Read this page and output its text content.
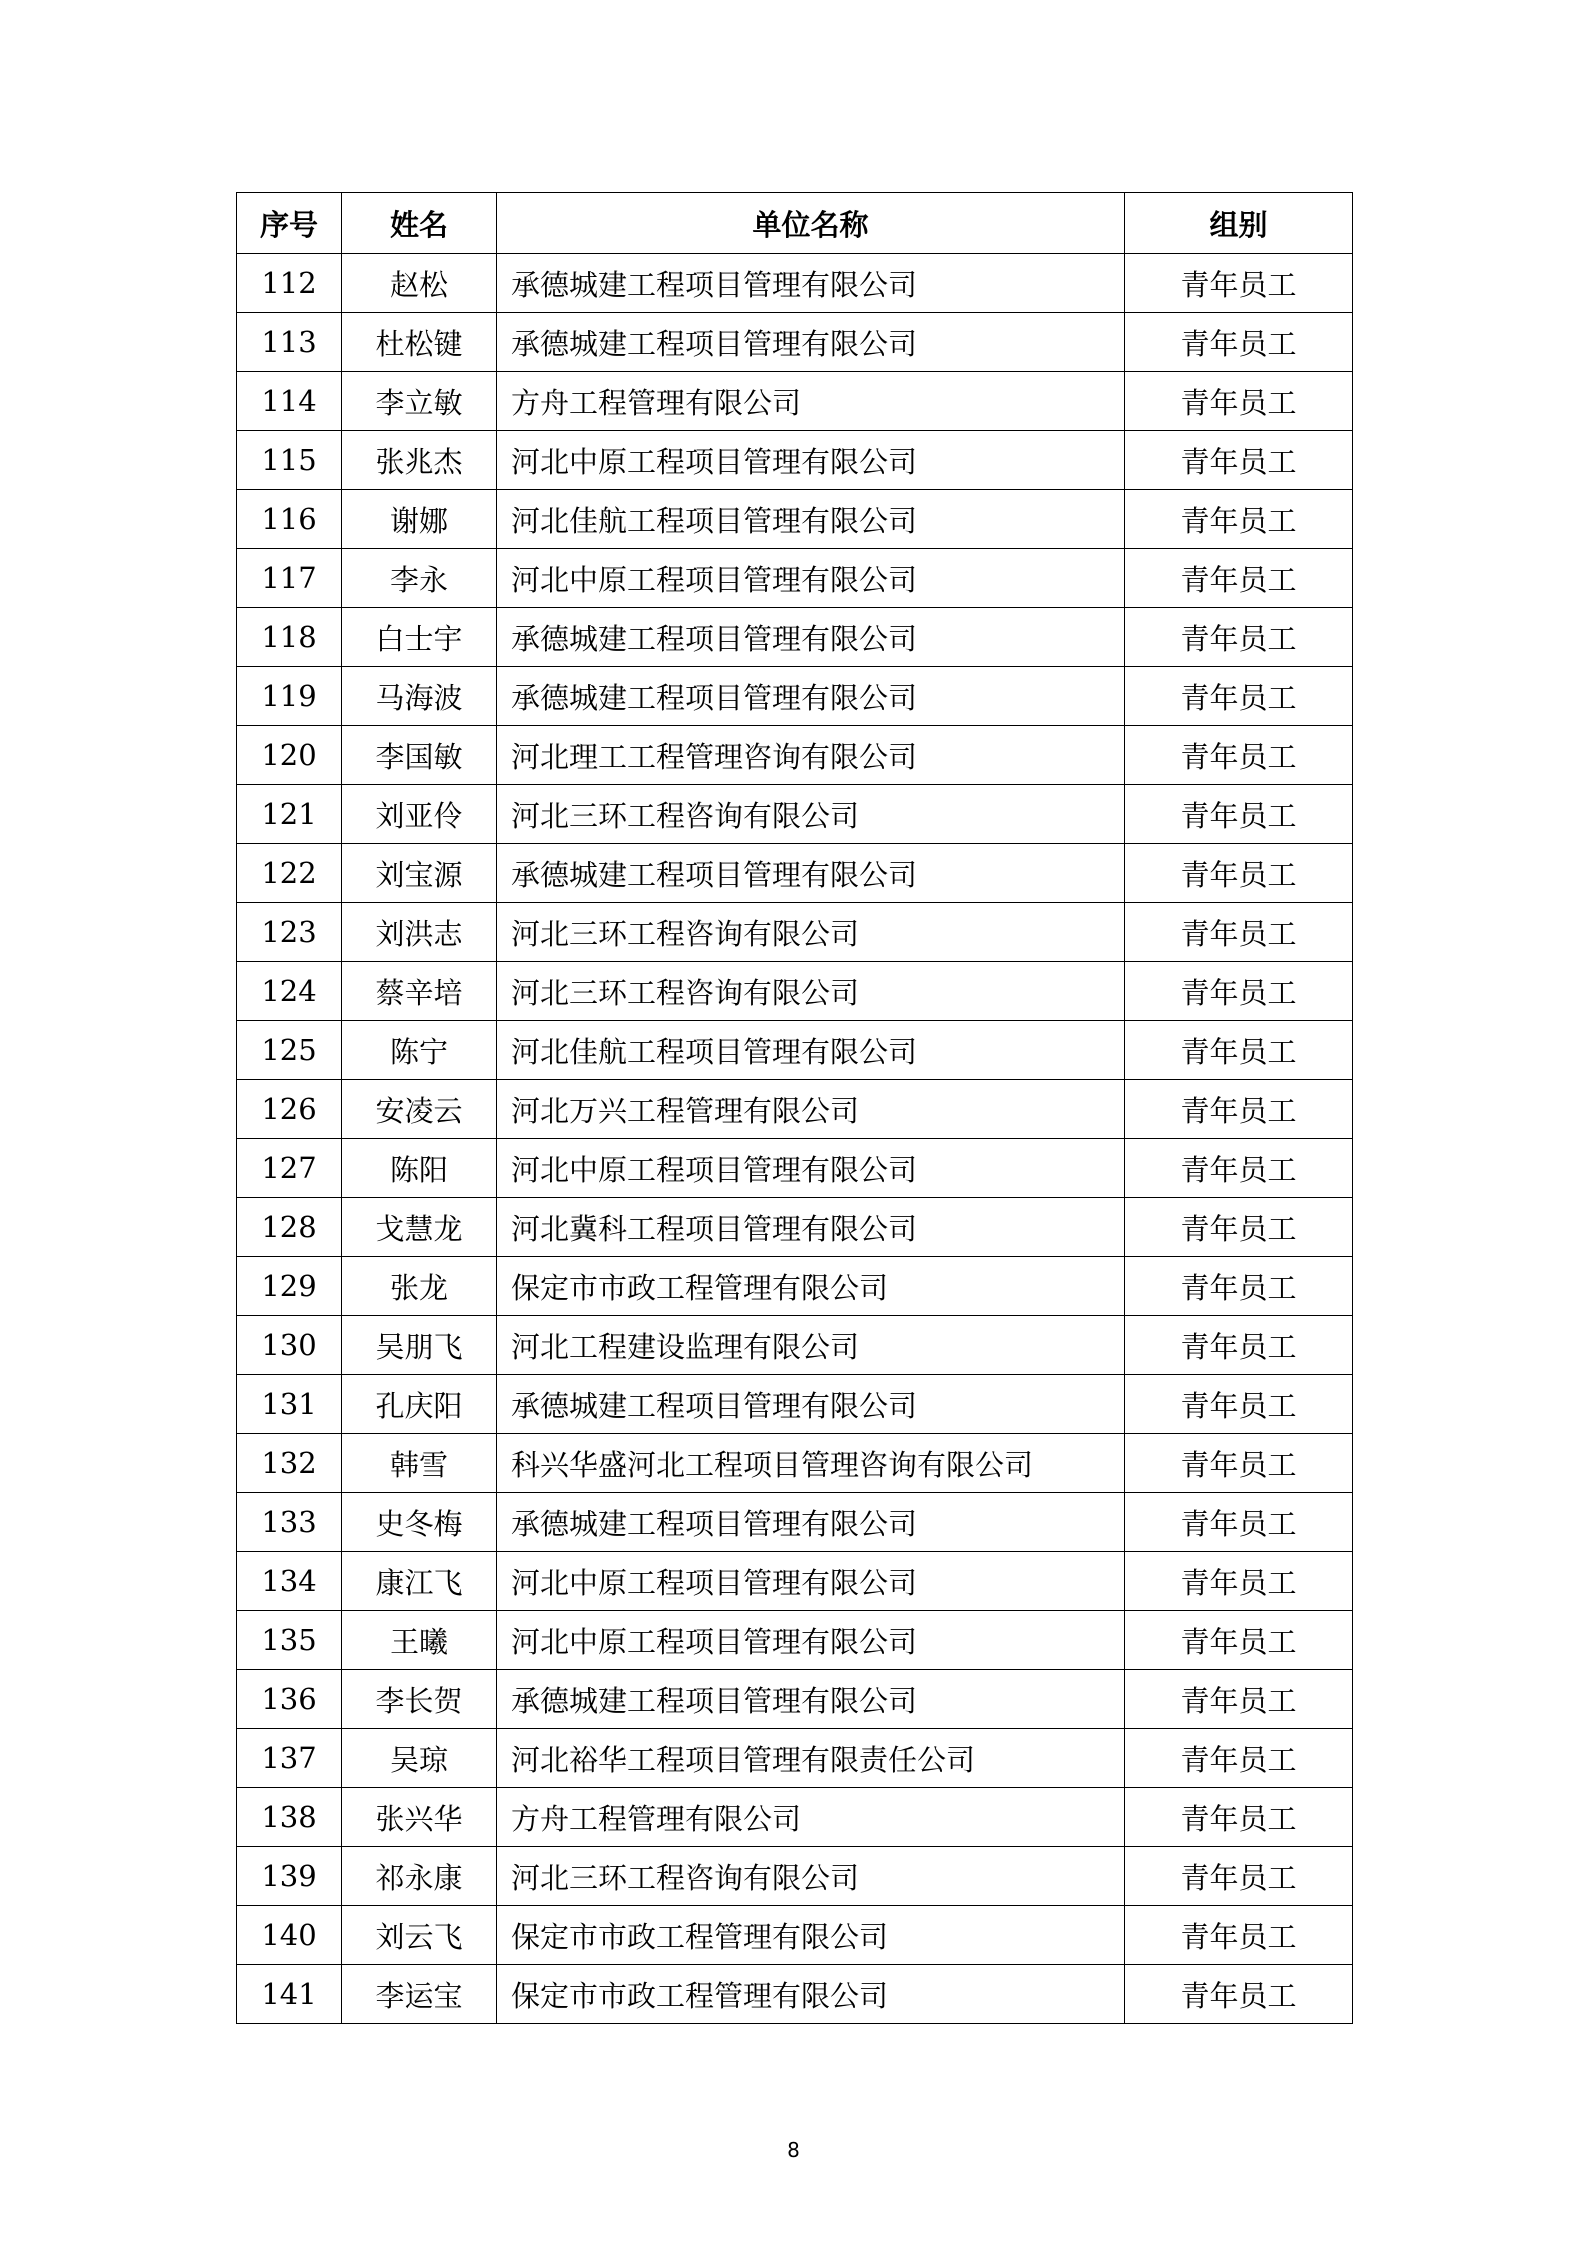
序号	姓名	单位名称	组别
112	赵松	承德城建工程项目管理有限公司	青年员工
113	杜松键	承德城建工程项目管理有限公司	青年员工
114	李立敏	方舟工程管理有限公司	青年员工
115	张兆杰	河北中原工程项目管理有限公司	青年员工
116	谢娜	河北佳航工程项目管理有限公司	青年员工
117	李永	河北中原工程项目管理有限公司	青年员工
118	白士宇	承德城建工程项目管理有限公司	青年员工
119	马海波	承德城建工程项目管理有限公司	青年员工
120	李国敏	河北理工工程管理咨询有限公司	青年员工
121	刘亚伶	河北三环工程咨询有限公司	青年员工
122	刘宝源	承德城建工程项目管理有限公司	青年员工
123	刘洪志	河北三环工程咨询有限公司	青年员工
124	蔡辛培	河北三环工程咨询有限公司	青年员工
125	陈宁	河北佳航工程项目管理有限公司	青年员工
126	安凌云	河北万兴工程管理有限公司	青年员工
127	陈阳	河北中原工程项目管理有限公司	青年员工
128	戈慧龙	河北冀科工程项目管理有限公司	青年员工
129	张龙	保定市市政工程管理有限公司	青年员工
130	吴朋飞	河北工程建设监理有限公司	青年员工
131	孔庆阳	承德城建工程项目管理有限公司	青年员工
132	韩雪	科兴华盛河北工程项目管理咨询有限公司	青年员工
133	史冬梅	承德城建工程项目管理有限公司	青年员工
134	康江飞	河北中原工程项目管理有限公司	青年员工
135	王曦	河北中原工程项目管理有限公司	青年员工
136	李长贺	承德城建工程项目管理有限公司	青年员工
137	吴琼	河北裕华工程项目管理有限责任公司	青年员工
138	张兴华	方舟工程管理有限公司	青年员工
139	祁永康	河北三环工程咨询有限公司	青年员工
140	刘云飞	保定市市政工程管理有限公司	青年员工
141	李运宝	保定市市政工程管理有限公司	青年员工
8
